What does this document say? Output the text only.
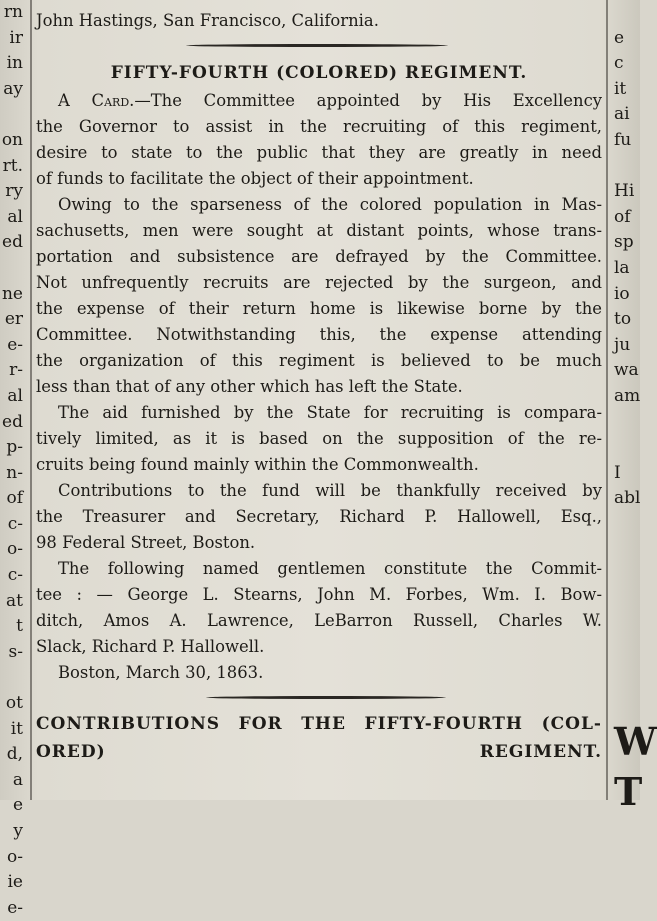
rn
ir
in
ay
on
rt.
ry
al
ed
ne
er
e-
r-
al
ed
p-
n-
of
c-
o-
c-
at
t
s-
ot
it
d,
a
e
y
o-
ie
e-
John Hastings, San Francisco, California.
FIFTY-FOURTH (COLORED) REGIMENT.
A Card.—The Committee appointed by His Excellency
the Governor to assist in the recruiting of this regiment,
desire to state to the public that they are greatly in need
of funds to facilitate the object of their appointment.
Owing to the sparseness of the colored population in Mas-
sachusetts, men were sought at distant points, whose trans-
portation and subsistence are defrayed by the Committee.
Not unfrequently recruits are rejected by the surgeon, and
the expense of their return home is likewise borne by the
Committee. Notwithstanding this, the expense attending
the organization of this regiment is believed to be much
less than that of any other which has left the State.
The aid furnished by the State for recruiting is compara-
tively limited, as it is based on the supposition of the re-
cruits being found mainly within the Commonwealth.
Contributions to the fund will be thankfully received by
the Treasurer and Secretary, Richard P. Hallowell, Esq.,
98 Federal Street, Boston.
The following named gentlemen constitute the Commit-
tee : — George L. Stearns, John M. Forbes, Wm. I. Bow-
ditch, Amos A. Lawrence, LeBarron Russell, Charles W.
Slack, Richard P. Hallowell.
Boston, March 30, 1863.
CONTRIBUTIONS FOR THE FIFTY-FOURTH (COL-
ORED) REGIMENT.
e
c
it
ai
fu
Hi
of
sp
la
io
to
ju
wa
am
I
abl
W
T
